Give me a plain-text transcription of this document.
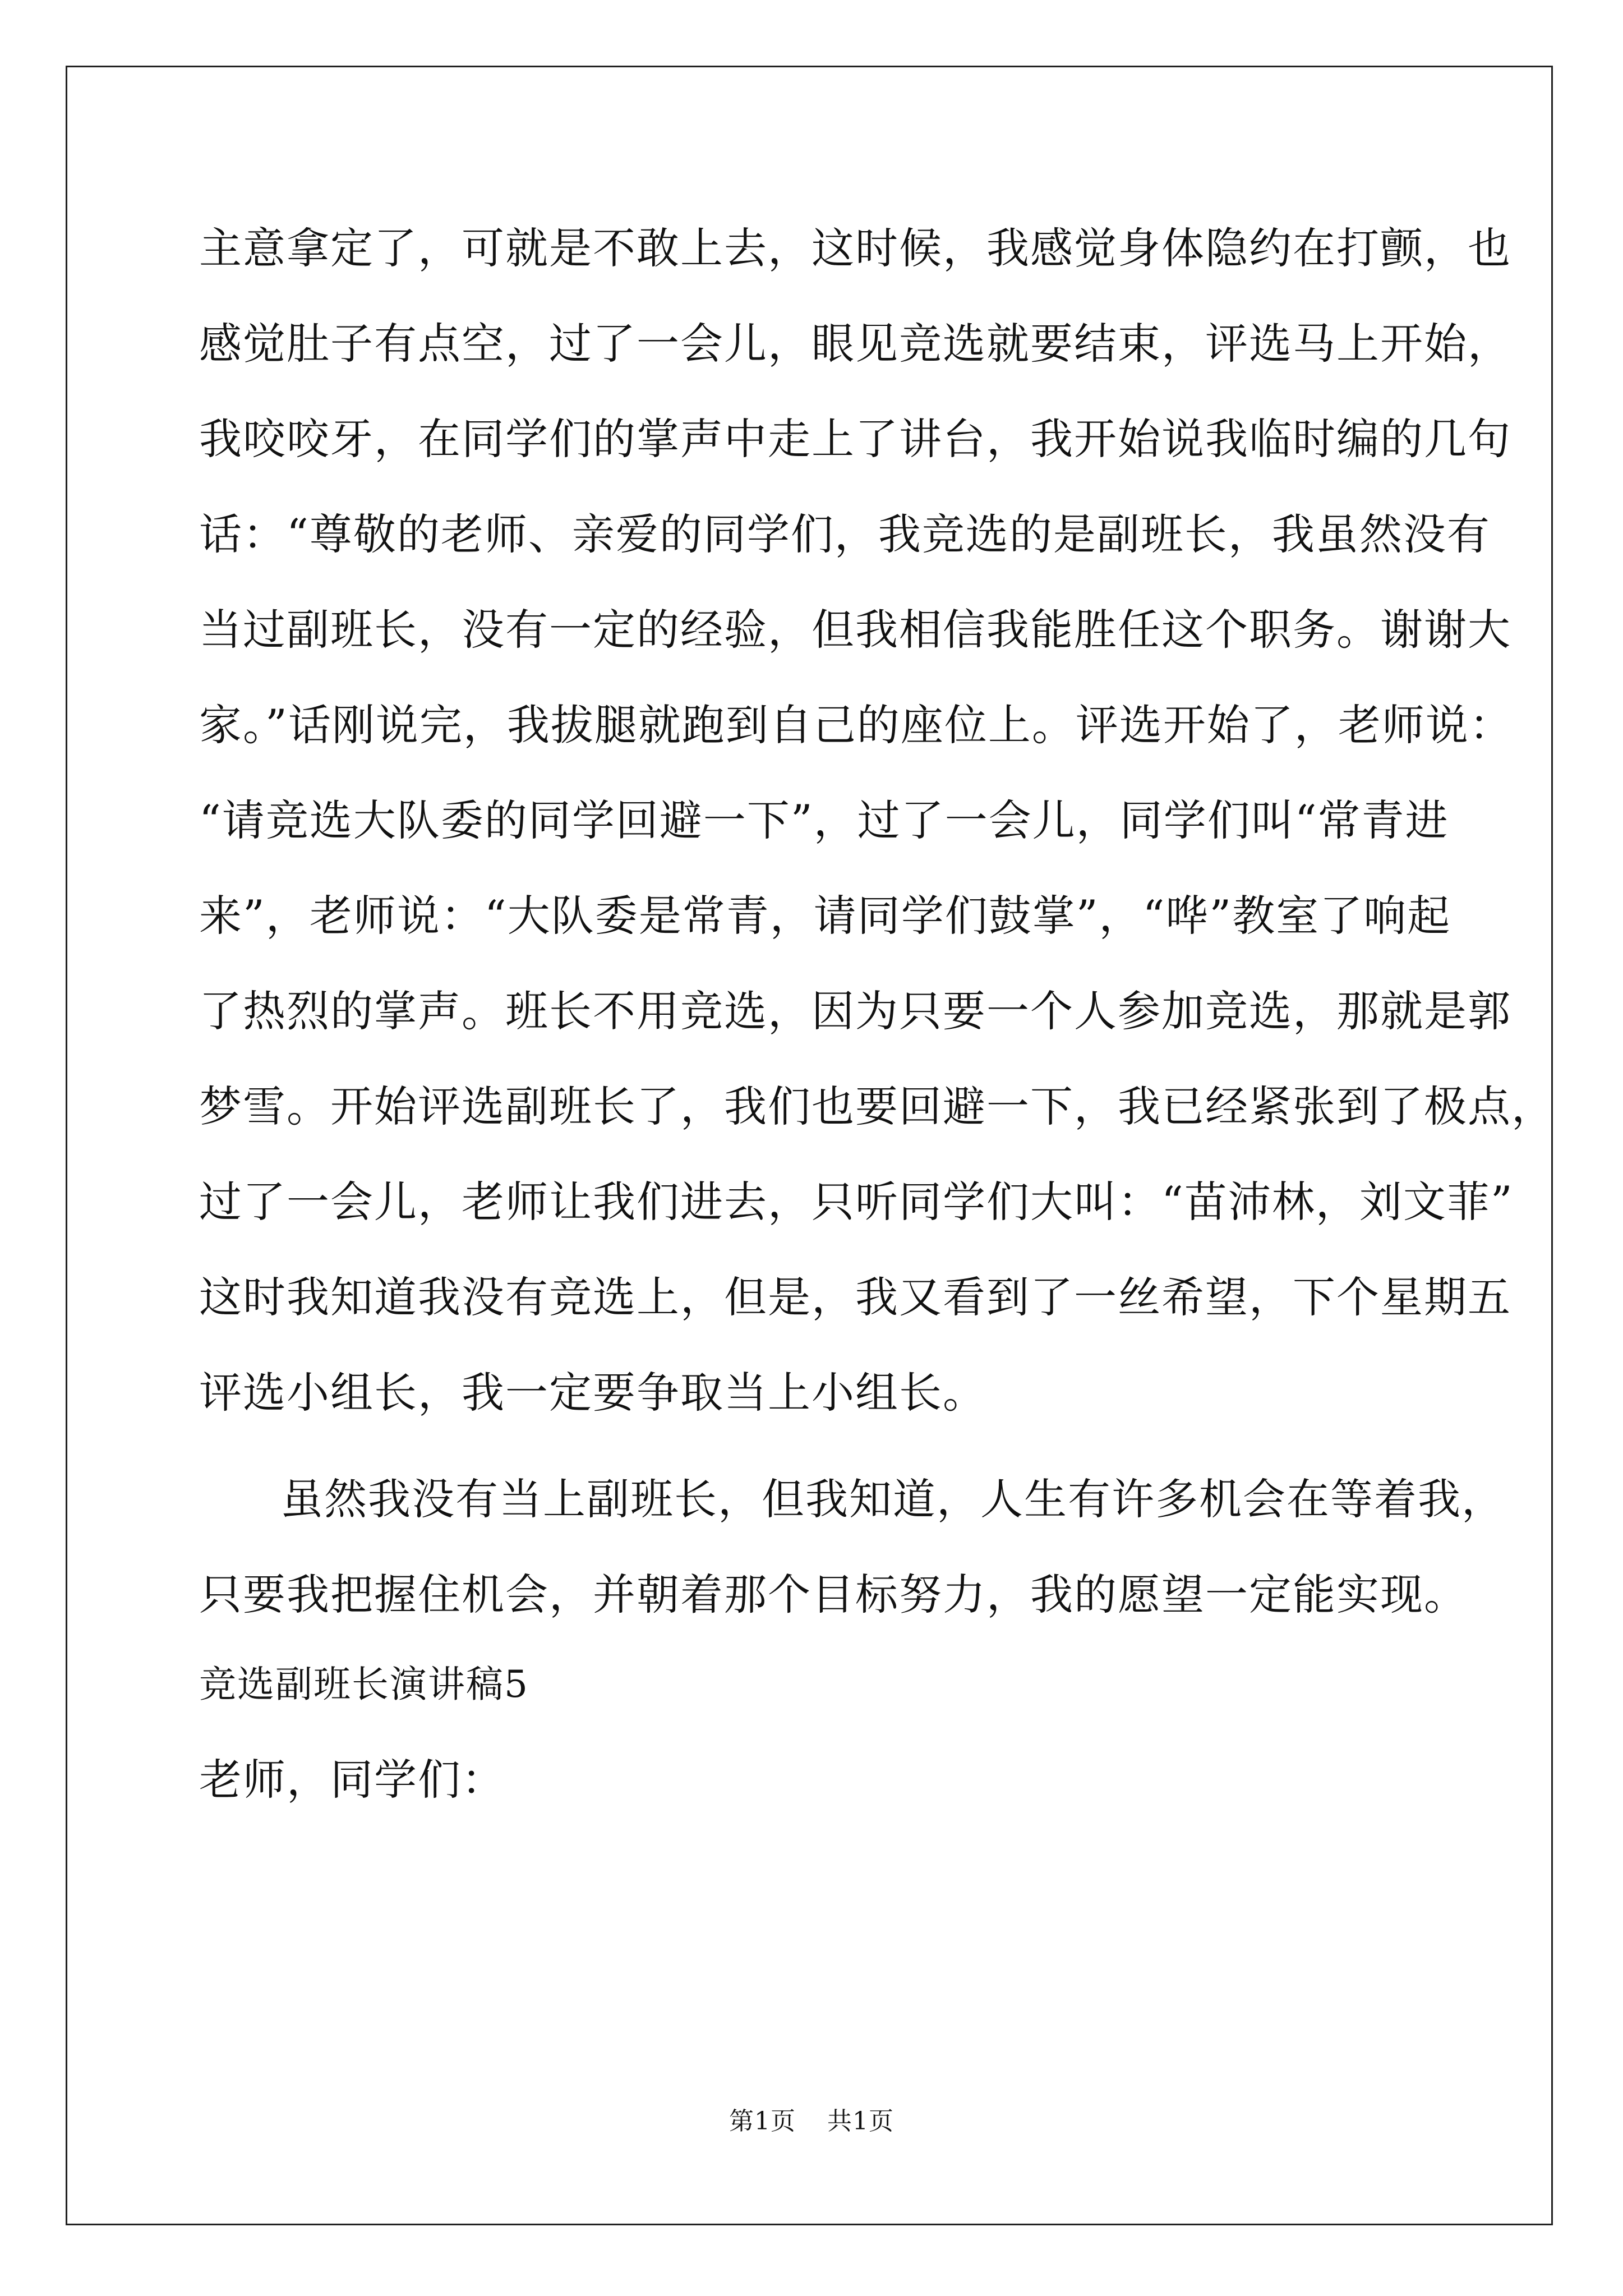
主意拿定了，可就是不敢上去，这时候，我感觉身体隐约在打颤，也
感觉肚子有点空，过了一会儿，眼见竞选就要结束，评选马上开始，
我咬咬牙，在同学们的掌声中走上了讲台，我开始说我临时编的几句
话：“尊敬的老师、亲爱的同学们，我竞选的是副班长，我虽然没有
当过副班长，没有一定的经验，但我相信我能胜任这个职务。谢谢大
家。”话刚说完，我拔腿就跑到自己的座位上。评选开始了，老师说：
“请竞选大队委的同学回避一下”，过了一会儿，同学们叫“常青进
来”，老师说：“大队委是常青，请同学们鼓掌”，“哗”教室了响起
了热烈的掌声。班长不用竞选，因为只要一个人参加竞选，那就是郭
梦雪。开始评选副班长了，我们也要回避一下，我已经紧张到了极点，
过了一会儿，老师让我们进去，只听同学们大叫：“苗沛林，刘文菲”
这时我知道我没有竞选上，但是，我又看到了一丝希望，下个星期五
评选小组长，我一定要争取当上小组长。
虽然我没有当上副班长，但我知道，人生有许多机会在等着我，
只要我把握住机会，并朝着那个目标努力，我的愿望一定能实现。
竞选副班长演讲稿5
老师，同学们：
第1页 共1页
